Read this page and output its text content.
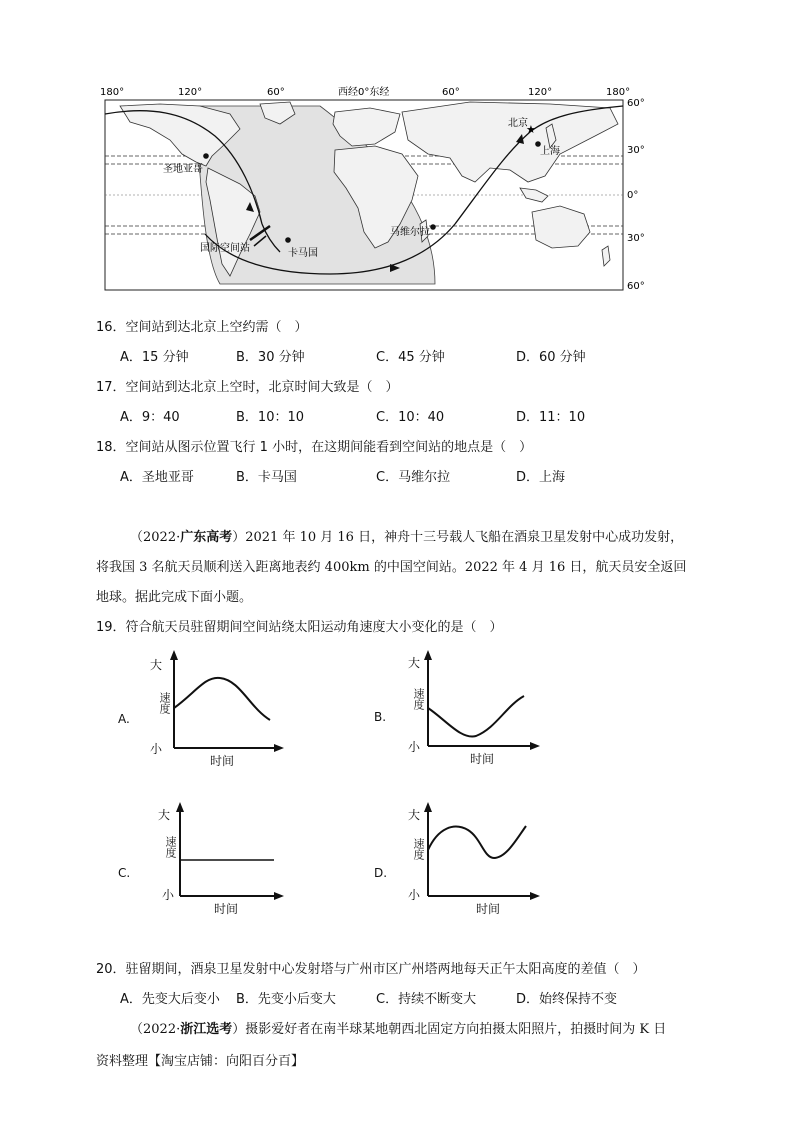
180°	120°	60°	西经0°东经	60°	120°	180°
★
圣地亚哥
国际空间站	卡马国
马维尔拉
北京
上海
60°
30°
0°
30°
60°
16．空间站到达北京上空约需（　）
A．15 分钟	B．30 分钟	C．45 分钟	D．60 分钟
17．空间站到达北京上空时，北京时间大致是（　）
A．9：40	B．10：10	C．10：40	D．11：10
18．空间站从图示位置飞行 1 小时，在这期间能看到空间站的地点是（　）
A．圣地亚哥	B．卡马国	C．马维尔拉	D．上海
（2022·广东高考）2021 年 10 月 16 日，神舟十三号载人飞船在酒泉卫星发射中心成功发射，
将我国 3 名航天员顺利送入距离地表约 400km 的中国空间站。2022 年 4 月 16 日，航天员安全返回
地球。据此完成下面小题。
19．符合航天员驻留期间空间站绕太阳运动角速度大小变化的是（　）
大
小
速度
时间
A.
大
小
速度
时间
B.
大
小
速度
时间
C.
大
小
速度
时间
D.
20．驻留期间，酒泉卫星发射中心发射塔与广州市区广州塔两地每天正午太阳高度的差值（　）
A．先变大后变小 B．先变小后变大	C．持续不断变大	D．始终保持不变
（2022·浙江选考）摄影爱好者在南半球某地朝西北固定方向拍摄太阳照片，拍摄时间为 K 日
资料整理【淘宝店铺：向阳百分百】
